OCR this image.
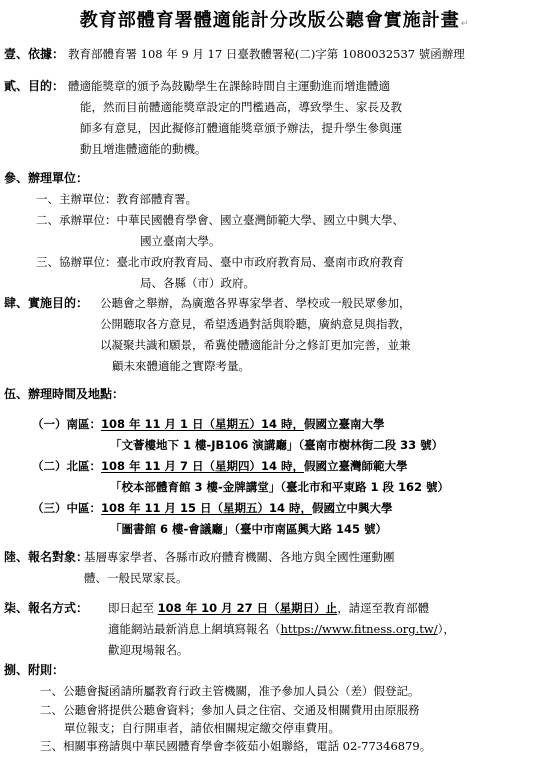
教育部體育署體適能計分改版公聽會實施計畫↵
壹、依據： 教育部體育署 108 年 9 月 17 日臺教體署秘(二)字第 1080032537 號函辦理
貳、目的： 體適能獎章的頒予為鼓勵學生在課餘時間自主運動進而增進體適
能，然而目前體適能獎章設定的門檻過高，導致學生、家長及教
師多有意見，因此擬修訂體適能獎章頒予辦法，提升學生參與運
動且增進體適能的動機。
參、辦理單位：
一、主辦單位：教育部體育署。
二、承辦單位：中華民國體育學會、國立臺灣師範大學、國立中興大學、
國立臺南大學。
三、協辦單位：臺北市政府教育局、臺中市政府教育局、臺南市政府教育
局、各縣（市）政府。
肆、實施目的： 公聽會之舉辦，為廣邀各界專家學者、學校或一般民眾參加，
公開聽取各方意見，希望透過對話與聆聽，廣納意見與指教，
以凝聚共識和願景，希冀使體適能計分之修訂更加完善，並兼
顧未來體適能之實際考量。
伍、辦理時間及地點：
（一）南區：108 年 11 月 1 日（星期五）14 時，假國立臺南大學
「文薈樓地下 1 樓-JB106 演講廳」（臺南市樹林街二段 33 號）
（二）北區：108 年 11 月 7 日（星期四）14 時，假國立臺灣師範大學
「校本部體育館 3 樓-金牌講堂」（臺北市和平東路 1 段 162 號）
（三）中區：108 年 11 月 15 日（星期五）14 時，假國立中興大學
「圖書館 6 樓-會議廳」（臺中市南區興大路 145 號）
陸、報名對象：
基層專家學者、各縣市政府體育機關、各地方與全國性運動團
體、一般民眾家長。
柒、報名方式： 即日起至 108 年 10 月 27 日（星期日）止，請逕至教育部體
適能網站最新消息上網填寫報名（https://www.fitness.org.tw/），
歡迎現場報名。
捌、附則：
一、公聽會擬函請所屬教育行政主管機關，准予參加人員公（差）假登記。
二、公聽會將提供公聽會資料；參加人員之住宿、交通及相關費用由原服務
單位報支；自行開車者，請依相關規定繳交停車費用。
三、相關事務請與中華民國體育學會李筱茹小姐聯絡，電話 02-77346879。
